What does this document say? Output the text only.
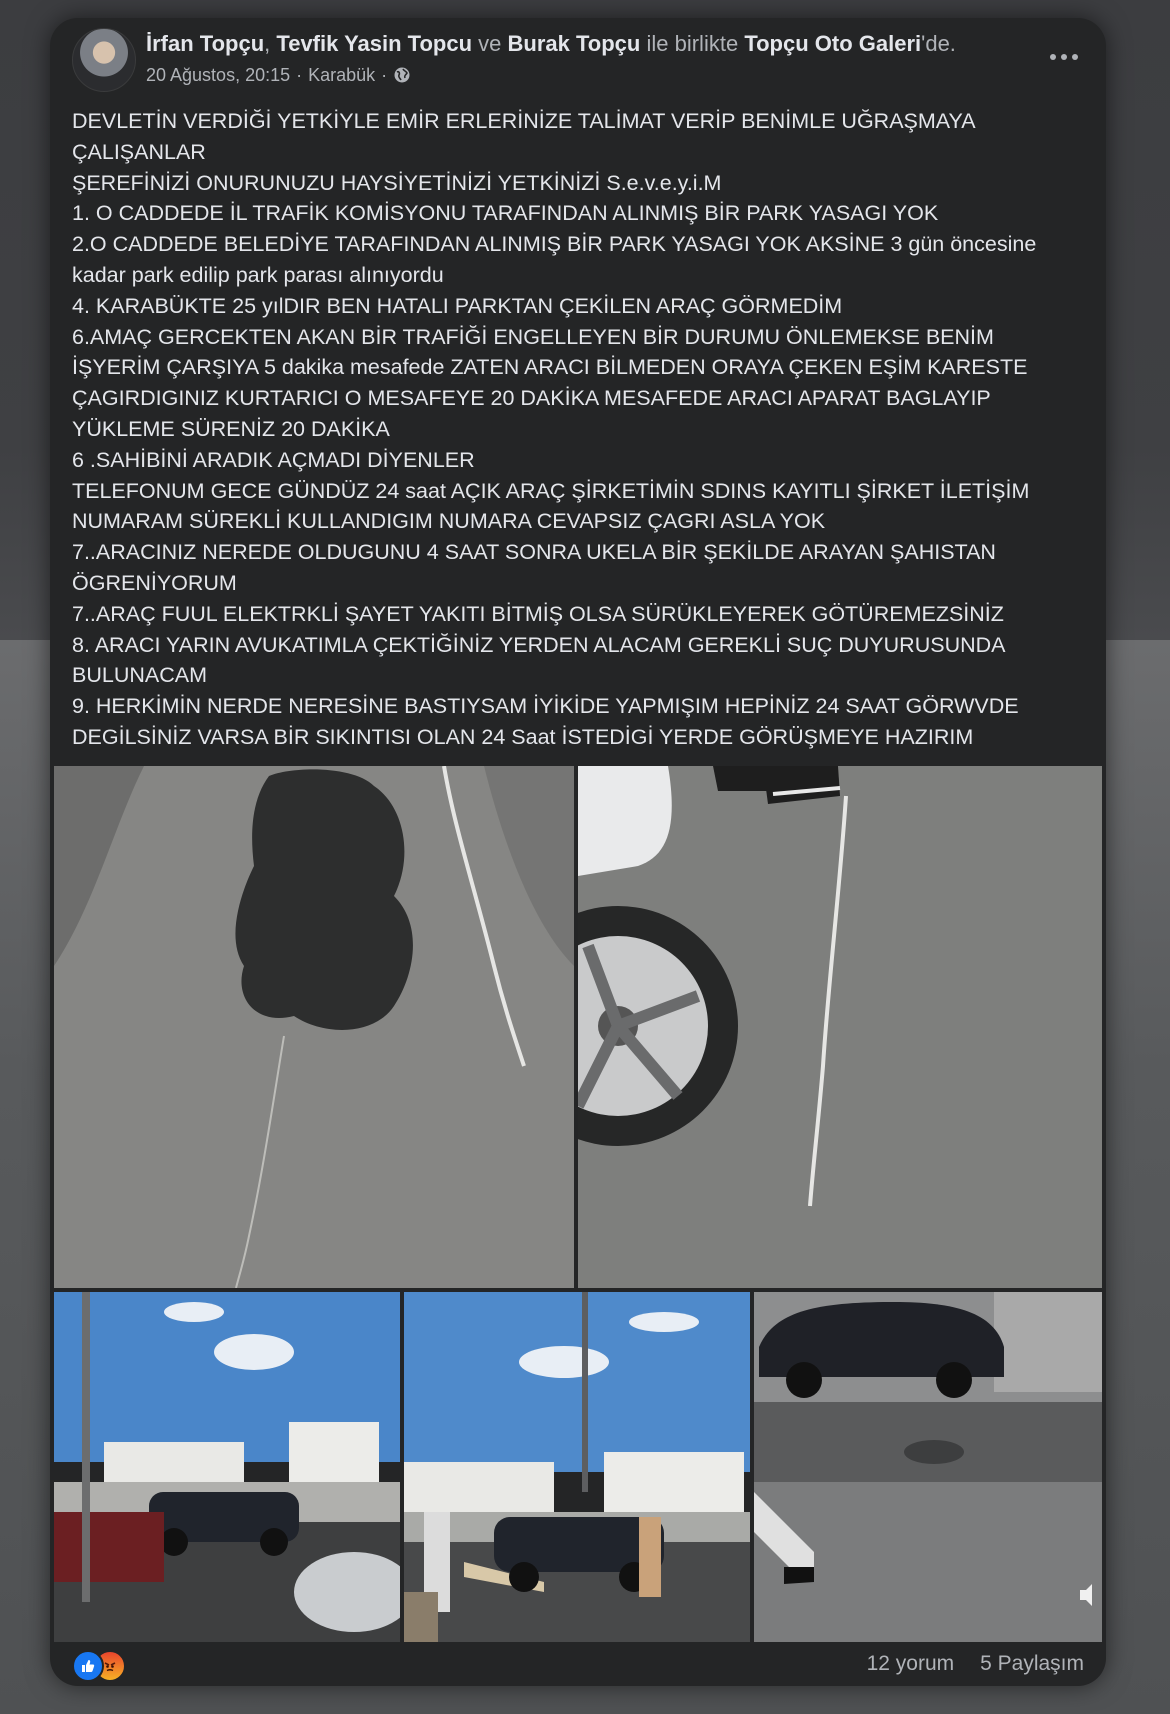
İrfan Topçu, Tevfik Yasin Topcu ve Burak Topçu ile birlikte Topçu Oto Galeri'de.
20 Ağustos, 20:15 · Karabük ·

DEVLETİN VERDİĞİ YETKİYLE EMİR ERLERİNİZE TALİMAT VERİP BENİMLE UĞRAŞMAYA

ÇALIŞANLAR

ŞEREFİNİZİ ONURUNUZU HAYSİYETİNİZİ YETKİNİZİ S.e.v.e.y.i.M

1. O CADDEDE İL TRAFİK KOMİSYONU TARAFINDAN ALINMIŞ BİR PARK YASAGI YOK

2.O CADDEDE BELEDİYE TARAFINDAN ALINMIŞ BİR PARK YASAGI YOK AKSİNE 3 gün öncesine

kadar park edilip park parası alınıyordu

4. KARABÜKTE 25 yılDIR BEN HATALI PARKTAN ÇEKİLEN ARAÇ GÖRMEDİM

6.AMAÇ GERCEKTEN AKAN BİR TRAFİĞİ ENGELLEYEN BİR DURUMU ÖNLEMEKSE BENİM

İŞYERİM ÇARŞIYA 5 dakika mesafede ZATEN ARACI BİLMEDEN ORAYA ÇEKEN EŞİM KARESTE

ÇAGIRDIGINIZ KURTARICI O MESAFEYE 20 DAKİKA MESAFEDE ARACI APARAT BAGLAYIP

YÜKLEME SÜRENİZ 20 DAKİKA

6 .SAHİBİNİ ARADIK AÇMADI DİYENLER

TELEFONUM GECE GÜNDÜZ 24 saat AÇIK ARAÇ ŞİRKETİMİN SDINS KAYITLI ŞİRKET İLETİŞİM

NUMARAM SÜREKLİ KULLANDIGIM NUMARA CEVAPSIZ ÇAGRI ASLA YOK

7..ARACINIZ NEREDE OLDUGUNU 4 SAAT SONRA UKELA BİR ŞEKİLDE ARAYAN ŞAHISTAN

ÖGRENİYORUM

7..ARAÇ FUUL ELEKTRKLİ ŞAYET YAKITI BİTMİŞ OLSA SÜRÜKLEYEREK GÖTÜREMEZSİNİZ

8. ARACI YARIN AVUKATIMLA ÇEKTİĞİNİZ YERDEN ALACAM GEREKLİ SUÇ DUYURUSUNDA

BULUNACAM

9. HERKİMİN NERDE NERESİNE BASTIYSAM İYİKİDE YAPMIŞIM HEPİNİZ 24 SAAT GÖRWVDE

DEGİLSİNİZ VARSA BİR SIKINTISI OLAN 24 Saat İSTEDİGİ YERDE GÖRÜŞMEYE HAZIRIM

12 yorum 5 Paylaşım
